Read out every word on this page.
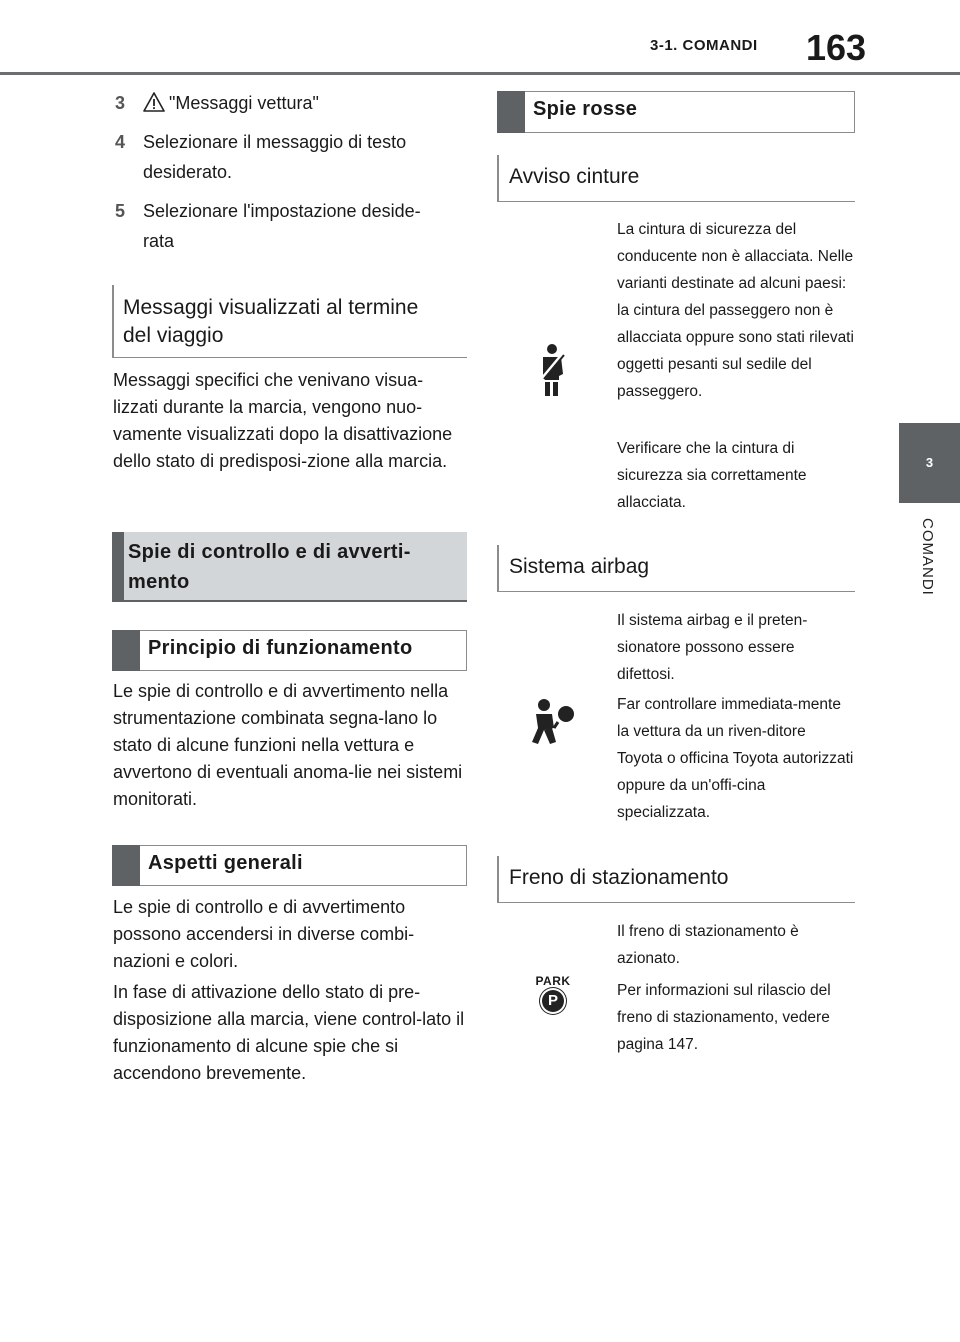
3-1. COMANDI 163
3
COMANDI
3	"Messaggi vettura"
4 Selezionare il messaggio di testo desiderato.
5 Selezionare l'impostazione deside-rata
Messaggi visualizzati al termine del viaggio
Messaggi specifici che venivano visua-lizzati durante la marcia, vengono nuo-vamente visualizzati dopo la disattivazione dello stato di predisposi-zione alla marcia.
Spie di controllo e di avverti-mento
Principio di funzionamento
Le spie di controllo e di avvertimento nella strumentazione combinata segna-lano lo stato di alcune funzioni nella vettura e avvertono di eventuali anoma-lie nei sistemi monitorati.
Aspetti generali
Le spie di controllo e di avvertimento possono accendersi in diverse combi-nazioni e colori.
In fase di attivazione dello stato di pre-disposizione alla marcia, viene control-lato il funzionamento di alcune spie che si accendono brevemente.
Spie rosse
Avviso cinture
La cintura di sicurezza del conducente non è allacciata. Nelle varianti destinate ad alcuni paesi: la cintura del passeggero non è allacciata oppure sono stati rilevati oggetti pesanti sul sedile del passeggero.
Verificare che la cintura di sicurezza sia correttamente allacciata.
Sistema airbag
Il sistema airbag e il preten-sionatore possono essere difettosi.
Far controllare immediata-mente la vettura da un riven-ditore Toyota o officina Toyota autorizzati oppure da un'offi-cina specializzata.
Freno di stazionamento
PARK
P
Il freno di stazionamento è azionato.
Per informazioni sul rilascio del freno di stazionamento, vedere pagina 147.
